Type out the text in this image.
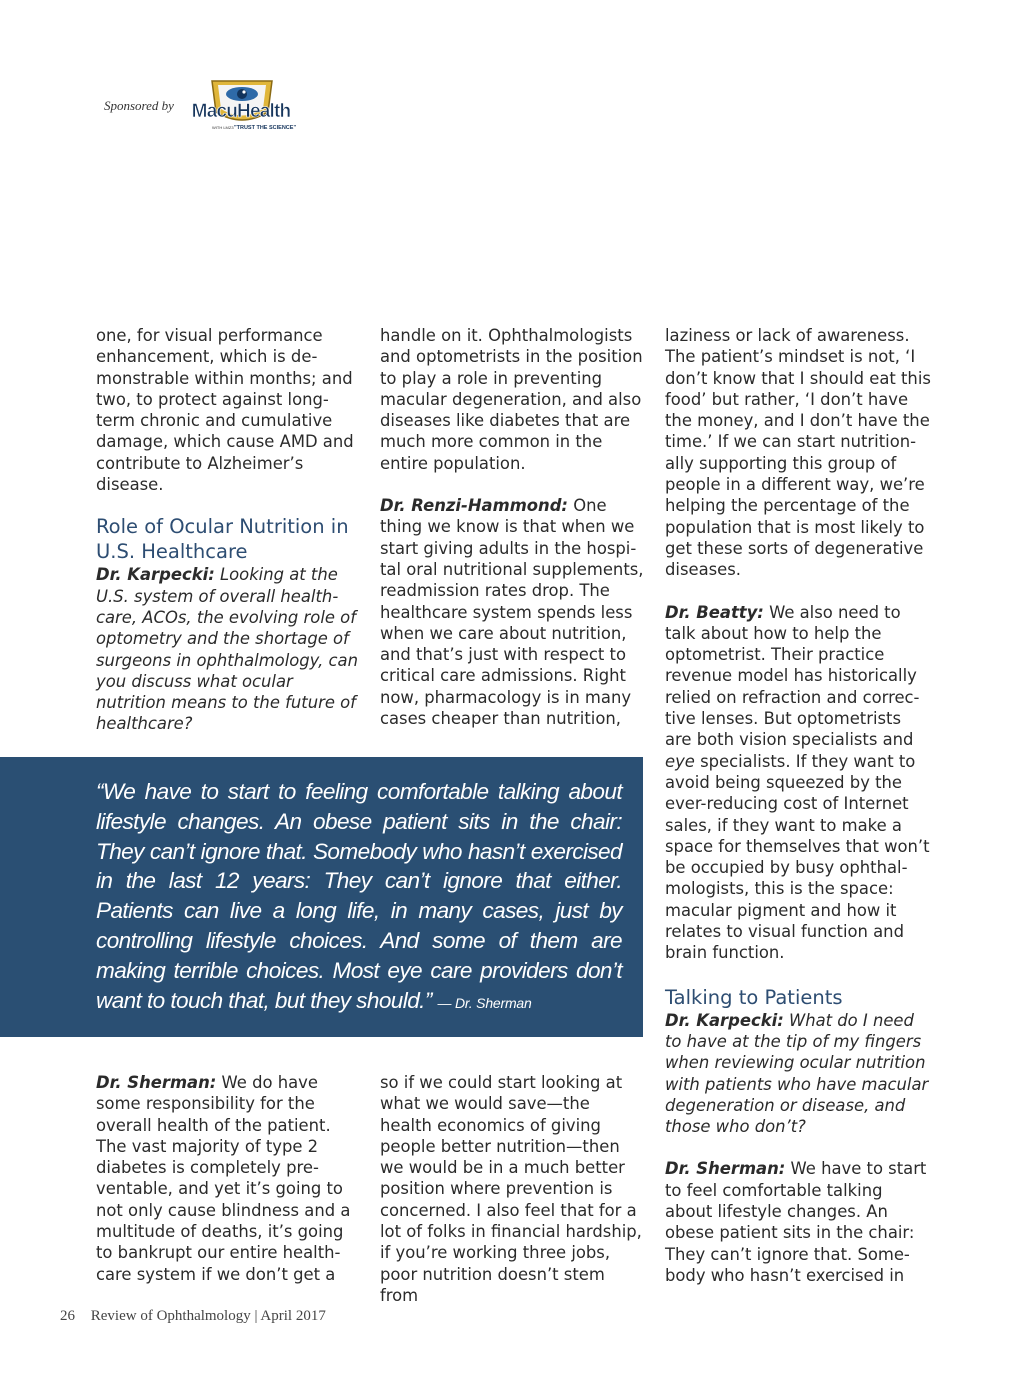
Sponsored by MacuHealth
WITH LMZ3 "TRUST THE SCIENCE"

one, for visual performance enhancement, which is demonstrable within months; and two, to protect against long-term chronic and cumulative damage, which cause AMD and contribute to Alzheimer’s disease.

Role of Ocular Nutrition in U.S. Healthcare

Dr. Karpecki: Looking at the U.S. system of overall healthcare, ACOs, the evolving role of optometry and the shortage of surgeons in ophthalmology, can you discuss what ocular nutrition means to the future of healthcare?

handle on it. Ophthalmologists and optometrists in the position to play a role in preventing macular degeneration, and also diseases like diabetes that are much more common in the entire population.

Dr. Renzi-Hammond: One thing we know is that when we start giving adults in the hospital oral nutritional supplements, readmission rates drop. The healthcare system spends less when we care about nutrition, and that’s just with respect to critical care admissions. Right now, pharmacology is in many cases cheaper than nutrition,

laziness or lack of awareness. The patient’s mindset is not, ‘I don’t know that I should eat this food’ but rather, ‘I don’t have the money, and I don’t have the time.’ If we can start nutritionally supporting this group of people in a different way, we’re helping the percentage of the population that is most likely to get these sorts of degenerative diseases.

Dr. Beatty: We also need to talk about how to help the optometrist. Their practice revenue model has historically relied on refraction and corrective lenses. But optometrists are both vision specialists and eye specialists. If they want to avoid being squeezed by the ever-reducing cost of Internet sales, if they want to make a space for themselves that won’t be occupied by busy ophthalmologists, this is the space: macular pigment and how it relates to visual function and brain function.

Talking to Patients

Dr. Karpecki: What do I need to have at the tip of my fingers when reviewing ocular nutrition with patients who have macular degeneration or disease, and those who don’t?

Dr. Sherman: We have to start to feel comfortable talking about lifestyle changes. An obese patient sits in the chair: They can’t ignore that. Somebody who hasn’t exercised in

“We have to start to feeling comfortable talking about lifestyle changes. An obese patient sits in the chair: They can’t ignore that. Somebody who hasn’t exercised in the last 12 years: They can’t ignore that either. Patients can live a long life, in many cases, just by controlling lifestyle choices. And some of them are making terrible choices. Most eye care providers don’t want to touch that, but they should.” — Dr. Sherman

Dr. Sherman: We do have some responsibility for the overall health of the patient. The vast majority of type 2 diabetes is completely preventable, and yet it’s going to not only cause blindness and a multitude of deaths, it’s going to bankrupt our entire healthcare system if we don’t get a

so if we could start looking at what we would save—the health economics of giving people better nutrition—then we would be in a much better position where prevention is concerned. I also feel that for a lot of folks in financial hardship, if you’re working three jobs, poor nutrition doesn’t stem from

26 Review of Ophthalmology | April 2017
